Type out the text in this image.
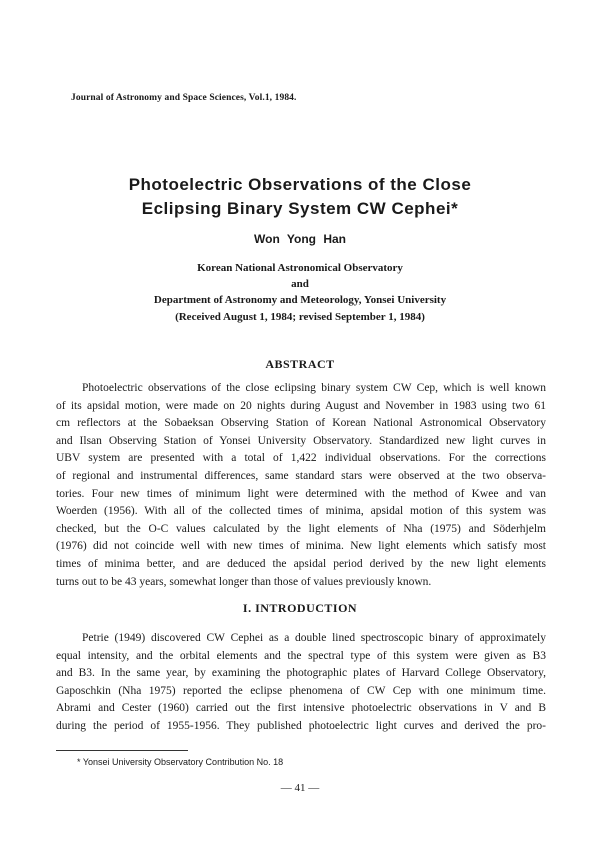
Journal of Astronomy and Space Sciences, Vol.1, 1984.
Photoelectric Observations of the Close
Eclipsing Binary System CW Cephei*
Won Yong Han
Korean National Astronomical Observatory
and
Department of Astronomy and Meteorology, Yonsei University
(Received August 1, 1984; revised September 1, 1984)
ABSTRACT
Photoelectric observations of the close eclipsing binary system CW Cep, which is well known
of its apsidal motion, were made on 20 nights during August and November in 1983 using two 61
cm reflectors at the Sobaeksan Observing Station of Korean National Astronomical Observatory
and Ilsan Observing Station of Yonsei University Observatory. Standardized new light curves in
UBV system are presented with a total of 1,422 individual observations. For the corrections
of regional and instrumental differences, same standard stars were observed at the two observa-
tories. Four new times of minimum light were determined with the method of Kwee and van
Woerden (1956). With all of the collected times of minima, apsidal motion of this system was
checked, but the O-C values calculated by the light elements of Nha (1975) and Söderhjelm
(1976) did not coincide well with new times of minima. New light elements which satisfy most
times of minima better, and are deduced the apsidal period derived by the new light elements
turns out to be 43 years, somewhat longer than those of values previously known.
I. INTRODUCTION
Petrie (1949) discovered CW Cephei as a double lined spectroscopic binary of approximately
equal intensity, and the orbital elements and the spectral type of this system were given as B3
and B3. In the same year, by examining the photographic plates of Harvard College Observatory,
Gaposchkin (Nha 1975) reported the eclipse phenomena of CW Cep with one minimum time.
Abrami and Cester (1960) carried out the first intensive photoelectric observations in V and B
during the period of 1955-1956. They published photoelectric light curves and derived the pro-
* Yonsei University Observatory Contribution No. 18
— 41 —
